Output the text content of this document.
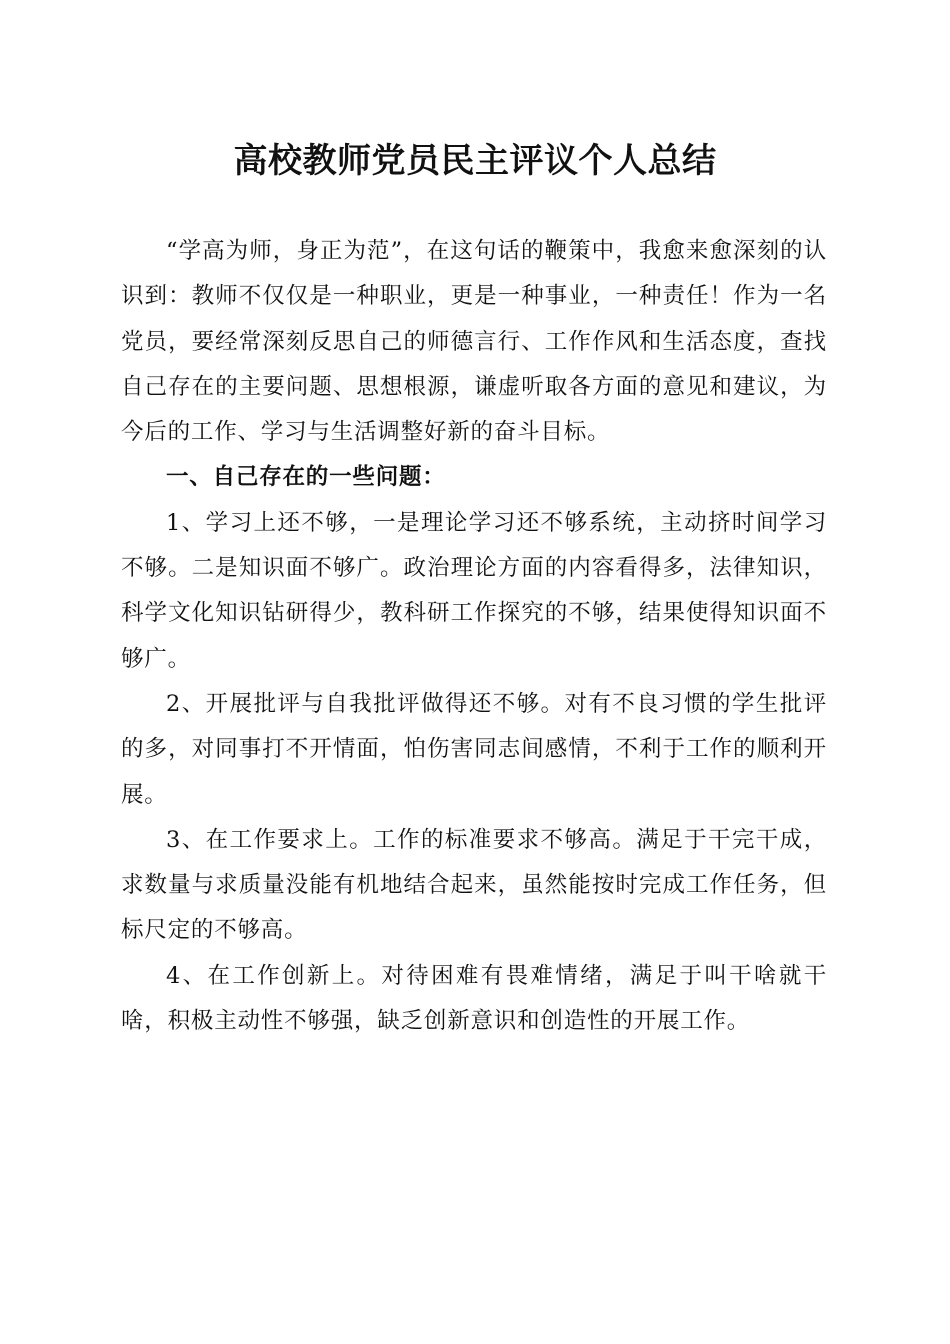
高校教师党员民主评议个人总结

“学高为师，身正为范”，在这句话的鞭策中，我愈来愈深刻的认识到：教师不仅仅是一种职业，更是一种事业，一种责任！作为一名党员，要经常深刻反思自己的师德言行、工作作风和生活态度，查找自己存在的主要问题、思想根源，谦虚听取各方面的意见和建议，为今后的工作、学习与生活调整好新的奋斗目标。

一、自己存在的一些问题：

1、学习上还不够，一是理论学习还不够系统，主动挤时间学习不够。二是知识面不够广。政治理论方面的内容看得多，法律知识，科学文化知识钻研得少，教科研工作探究的不够，结果使得知识面不够广。

2、开展批评与自我批评做得还不够。对有不良习惯的学生批评的多，对同事打不开情面，怕伤害同志间感情，不利于工作的顺利开展。

3、在工作要求上。工作的标准要求不够高。满足于干完干成，求数量与求质量没能有机地结合起来，虽然能按时完成工作任务，但标尺定的不够高。

4、在工作创新上。对待困难有畏难情绪，满足于叫干啥就干啥，积极主动性不够强，缺乏创新意识和创造性的开展工作。
